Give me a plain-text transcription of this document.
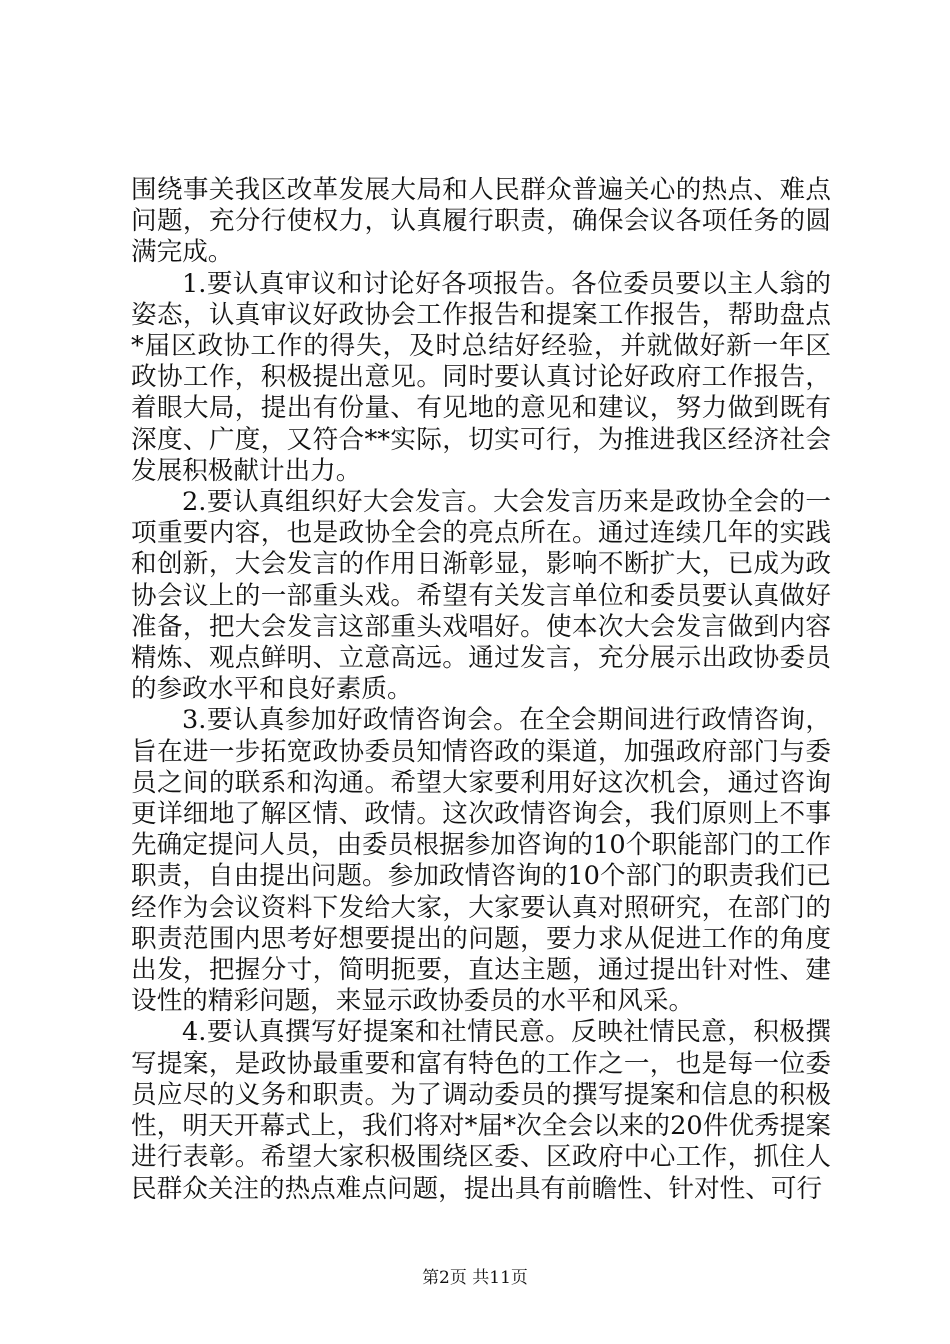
围绕事关我区改革发展大局和人民群众普遍关心的热点、难点问题，充分行使权力，认真履行职责，确保会议各项任务的圆满完成。

1.要认真审议和讨论好各项报告。各位委员要以主人翁的姿态，认真审议好政协会工作报告和提案工作报告，帮助盘点*届区政协工作的得失，及时总结好经验，并就做好新一年区政协工作，积极提出意见。同时要认真讨论好政府工作报告，着眼大局，提出有份量、有见地的意见和建议，努力做到既有深度、广度，又符合**实际，切实可行，为推进我区经济社会发展积极献计出力。

2.要认真组织好大会发言。大会发言历来是政协全会的一项重要内容，也是政协全会的亮点所在。通过连续几年的实践和创新，大会发言的作用日渐彰显，影响不断扩大，已成为政协会议上的一部重头戏。希望有关发言单位和委员要认真做好准备，把大会发言这部重头戏唱好。使本次大会发言做到内容精炼、观点鲜明、立意高远。通过发言，充分展示出政协委员的参政水平和良好素质。

3.要认真参加好政情咨询会。在全会期间进行政情咨询，旨在进一步拓宽政协委员知情咨政的渠道，加强政府部门与委员之间的联系和沟通。希望大家要利用好这次机会，通过咨询更详细地了解区情、政情。这次政情咨询会，我们原则上不事先确定提问人员，由委员根据参加咨询的10个职能部门的工作职责，自由提出问题。参加政情咨询的10个部门的职责我们已经作为会议资料下发给大家，大家要认真对照研究，在部门的职责范围内思考好想要提出的问题，要力求从促进工作的角度出发，把握分寸，简明扼要，直达主题，通过提出针对性、建设性的精彩问题，来显示政协委员的水平和风采。

4.要认真撰写好提案和社情民意。反映社情民意，积极撰写提案，是政协最重要和富有特色的工作之一，也是每一位委员应尽的义务和职责。为了调动委员的撰写提案和信息的积极性，明天开幕式上，我们将对*届*次全会以来的20件优秀提案进行表彰。希望大家积极围绕区委、区政府中心工作，抓住人民群众关注的热点难点问题，提出具有前瞻性、针对性、可行

第2页 共11页
